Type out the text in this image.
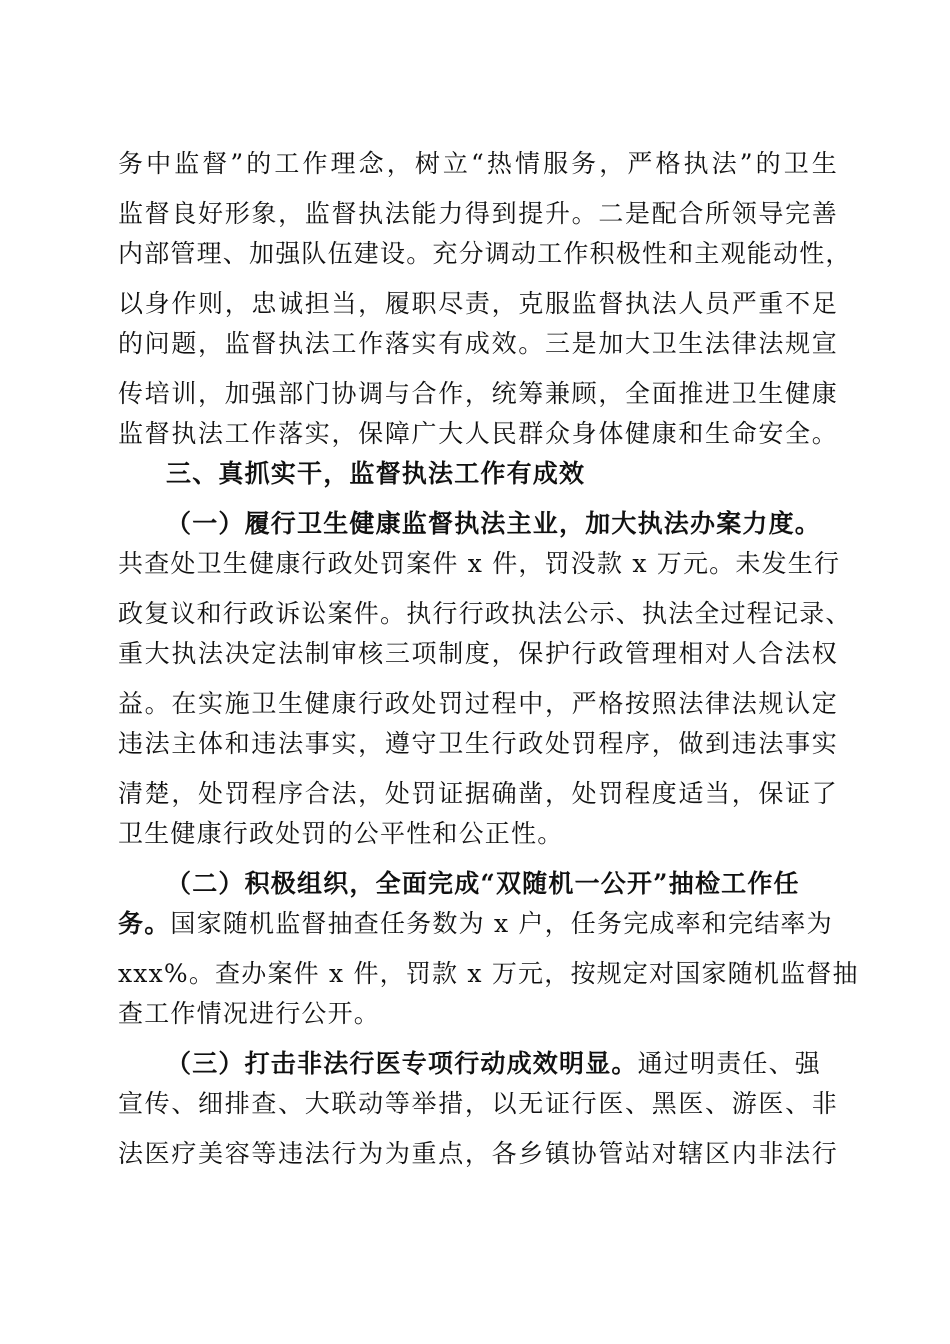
务中监督”的工作理念，树立“热情服务，严格执法”的卫生
监督良好形象，监督执法能力得到提升。二是配合所领导完善
内部管理、加强队伍建设。充分调动工作积极性和主观能动性，
以身作则，忠诚担当，履职尽责，克服监督执法人员严重不足
的问题，监督执法工作落实有成效。三是加大卫生法律法规宣
传培训，加强部门协调与合作，统筹兼顾，全面推进卫生健康
监督执法工作落实，保障广大人民群众身体健康和生命安全。
三、真抓实干，监督执法工作有成效
（一）履行卫生健康监督执法主业，加大执法办案力度。
共查处卫生健康行政处罚案件 x 件，罚没款 x 万元。未发生行
政复议和行政诉讼案件。执行行政执法公示、执法全过程记录、
重大执法决定法制审核三项制度，保护行政管理相对人合法权
益。在实施卫生健康行政处罚过程中，严格按照法律法规认定
违法主体和违法事实，遵守卫生行政处罚程序，做到违法事实
清楚，处罚程序合法，处罚证据确凿，处罚程度适当，保证了
卫生健康行政处罚的公平性和公正性。
（二）积极组织，全面完成“双随机一公开”抽检工作任
务。国家随机监督抽查任务数为 x 户，任务完成率和完结率为
xxx%。查办案件 x 件，罚款 x 万元，按规定对国家随机监督抽
查工作情况进行公开。
（三）打击非法行医专项行动成效明显。通过明责任、强
宣传、细排查、大联动等举措，以无证行医、黑医、游医、非
法医疗美容等违法行为为重点，各乡镇协管站对辖区内非法行
